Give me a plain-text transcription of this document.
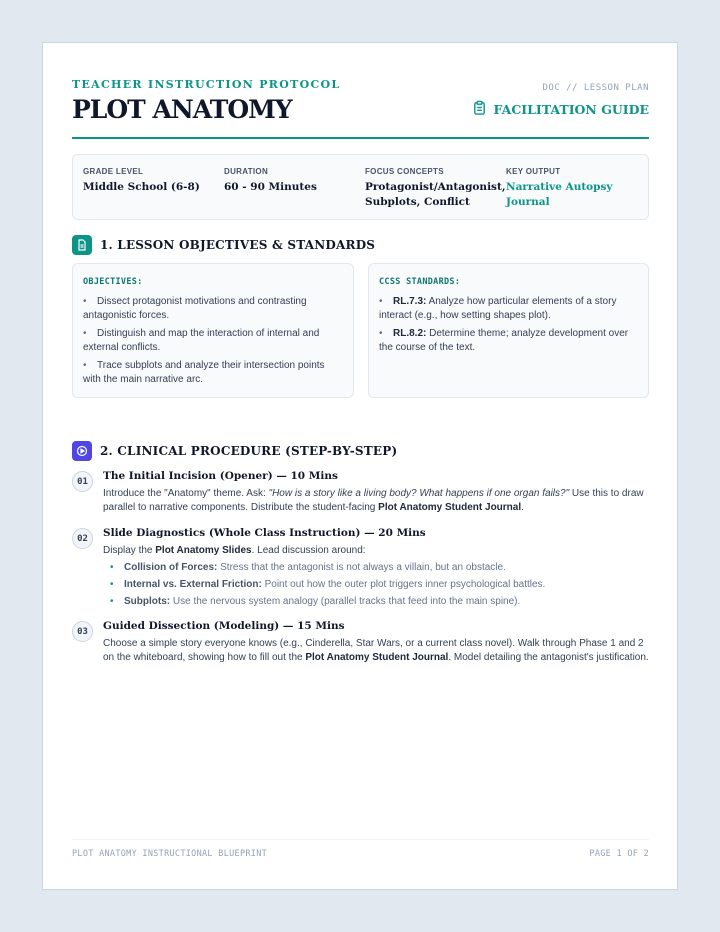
TEACHER INSTRUCTION PROTOCOL
PLOT ANATOMY
DOC // LESSON PLAN
FACILITATION GUIDE
GRADE LEVEL
Middle School (6-8)
DURATION
60 - 90 Minutes
FOCUS CONCEPTS
Protagonist/Antagonist,
Subplots, Conflict
KEY OUTPUT
Narrative Autopsy
Journal
1. LESSON OBJECTIVES & STANDARDS
OBJECTIVES:
• Dissect protagonist motivations and contrasting antagonistic forces.
• Distinguish and map the interaction of internal and external conflicts.
• Trace subplots and analyze their intersection points with the main narrative arc.
CCSS STANDARDS:
• RL.7.3: Analyze how particular elements of a story interact (e.g., how setting shapes plot).
• RL.8.2: Determine theme; analyze development over the course of the text.
2. CLINICAL PROCEDURE (STEP-BY-STEP)
01	The Initial Incision (Opener) — 10 Mins
Introduce the "Anatomy" theme. Ask: "How is a story like a living body? What happens if one organ fails?" Use this to draw parallel to narrative components. Distribute the student-facing Plot Anatomy Student Journal.
02	Slide Diagnostics (Whole Class Instruction) — 20 Mins
Display the Plot Anatomy Slides. Lead discussion around:
• Collision of Forces: Stress that the antagonist is not always a villain, but an obstacle.
• Internal vs. External Friction: Point out how the outer plot triggers inner psychological battles.
• Subplots: Use the nervous system analogy (parallel tracks that feed into the main spine).
03	Guided Dissection (Modeling) — 15 Mins
Choose a simple story everyone knows (e.g., Cinderella, Star Wars, or a current class novel). Walk through Phase 1 and 2 on the whiteboard, showing how to fill out the Plot Anatomy Student Journal. Model detailing the antagonist's justification.
PLOT ANATOMY INSTRUCTIONAL BLUEPRINT	PAGE 1 OF 2
